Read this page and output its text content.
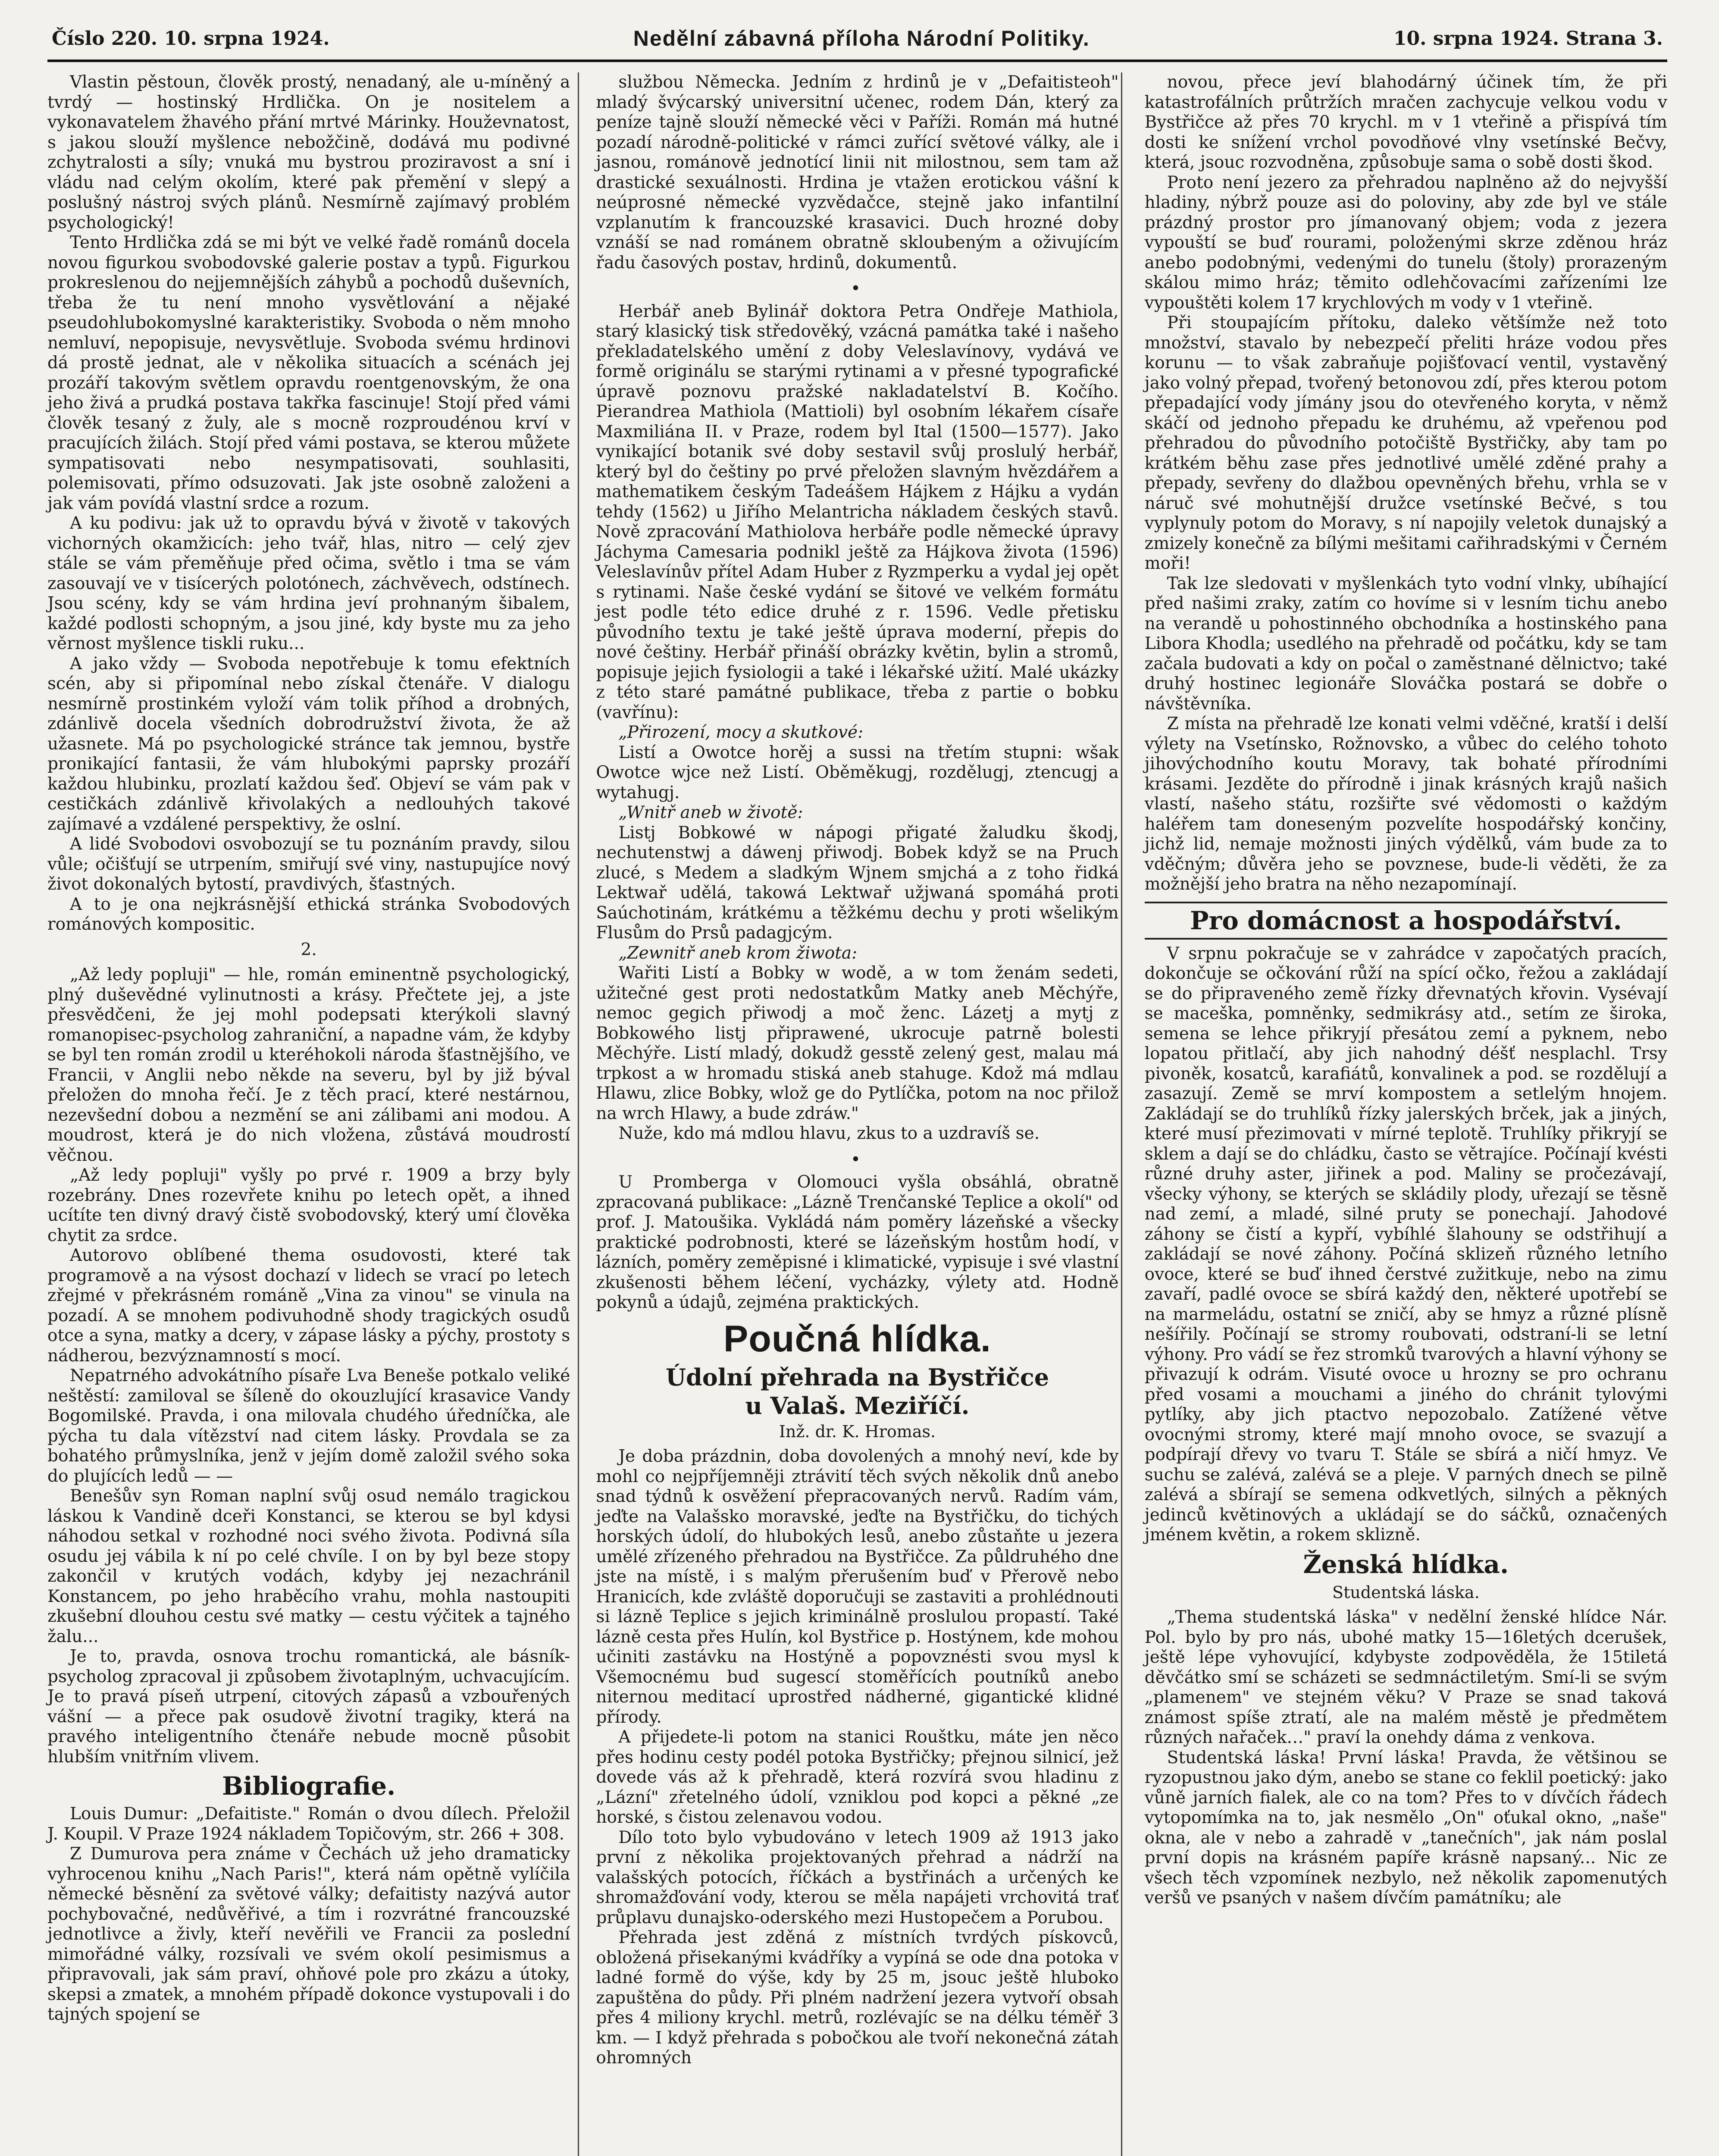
Číslo 220. 10. srpna 1924.	Nedělní zábavná příloha Národní Politiky.	10. srpna 1924. Strana 3.

Vlastin pěstoun, člověk prostý, nenadaný, ale u-míněný a tvrdý — hostinský Hrdlička. On je nositelem a vykonavatelem žhavého přání mrtvé Márinky. Houževnatost, s jakou slouží myšlence nebožčině, dodává mu podivné zchytralosti a síly; vnuká mu bystrou proziravost a sní i vládu nad celým okolím, které pak přemění v slepý a poslušný nástroj svých plánů. Nesmírně zajímavý problém psychologický!

Tento Hrdlička zdá se mi být ve velké řadě románů docela novou figurkou svobodovské galerie postav a typů. Figurkou prokreslenou do nejjemnějších záhybů a pochodů duševních, třeba že tu není mnoho vysvětlování a nějaké pseudohlubokomyslné karakteristiky. Svoboda o něm mnoho nemluví, nepopisuje, nevysvětluje. Svoboda svému hrdinovi dá prostě jednat, ale v několika situacích a scénách jej prozáří takovým světlem opravdu roentgenovským, že ona jeho živá a prudká postava takřka fascinuje! Stojí před vámi člověk tesaný z žuly, ale s mocně rozproudénou krví v pracujících žilách. Stojí před vámi postava, se kterou můžete sympatisovati nebo nesympatisovati, souhlasiti, polemisovati, přímo odsuzovati. Jak jste osobně založeni a jak vám povídá vlastní srdce a rozum.

A ku podivu: jak už to opravdu bývá v životě v takových vichorných okamžicích: jeho tvář, hlas, nitro — celý zjev stále se vám přeměňuje před očima, světlo i tma se vám zasouvají ve v tisícerých polotónech, záchvěvech, odstínech. Jsou scény, kdy se vám hrdina jeví prohnaným šibalem, každé podlosti schopným, a jsou jiné, kdy byste mu za jeho věrnost myšlence tiskli ruku...

A jako vždy — Svoboda nepotřebuje k tomu efektních scén, aby si připomínal nebo získal čtenáře. V dialogu nesmírně prostinkém vyloží vám tolik příhod a drobných, zdánlivě docela všedních dobrodružství života, že až užasnete. Má po psychologické stránce tak jemnou, bystře pronikající fantasii, že vám hlubokými paprsky prozáří každou hlubinku, prozlatí každou šeď. Objeví se vám pak v cestičkách zdánlivě křivolakých a nedlouhých takové zajímavé a vzdálené perspektivy, že oslní.

A lidé Svobodovi osvobozují se tu poznáním pravdy, silou vůle; očišťují se utrpením, smiřují své viny, nastupujíce nový život dokonalých bytostí, pravdivých, šťastných.

A to je ona nejkrásnější ethická stránka Svobodových románových kompositic.

2.

„Až ledy popluji" — hle, román eminentně psychologický, plný duševědné vylinutnosti a krásy. Přečtete jej, a jste přesvědčeni, že jej mohl podepsati kterýkoli slavný romanopisec-psycholog zahraniční, a napadne vám, že kdyby se byl ten román zrodil u kteréhokoli národa šťastnějšího, ve Francii, v Anglii nebo někde na severu, byl by již býval přeložen do mnoha řečí. Je z těch prací, které nestárnou, nezevšední dobou a nezmění se ani zálibami ani modou. A moudrost, která je do nich vložena, zůstává moudrostí věčnou.

„Až ledy popluji" vyšly po prvé r. 1909 a brzy byly rozebrány. Dnes rozevřete knihu po letech opět, a ihned ucítíte ten divný dravý čistě svobodovský, který umí člověka chytit za srdce.

Autorovo oblíbené thema osudovosti, které tak programově a na výsost dochazí v lidech se vrací po letech zřejmé v překrásném románě „Vina za vinou" se vinula na pozadí. A se mnohem podivuhodně shody tragických osudů otce a syna, matky a dcery, v zápase lásky a pýchy, prostoty s nádherou, bezvýznamností s mocí.

Nepatrného advokátního písaře Lva Beneše potkalo veliké neštěstí: zamiloval se šíleně do okouzlující krasavice Vandy Bogomilské. Pravda, i ona milovala chudého úředníčka, ale pýcha tu dala vítězství nad citem lásky. Provdala se za bohatého průmyslníka, jenž v jejím domě založil svého soka do plujících ledů — —

Benešův syn Roman naplní svůj osud nemálo tragickou láskou k Vandině dceři Konstanci, se kterou se byl kdysi náhodou setkal v rozhodné noci svého života. Podivná síla osudu jej vábila k ní po celé chvíle. I on by byl beze stopy zakončil v krutých vodách, kdyby jej nezachránil Konstancem, po jeho hraběcího vrahu, mohla nastoupiti zkušební dlouhou cestu své matky — cestu výčitek a tajného žalu...

Je to, pravda, osnova trochu romantická, ale básník-psycholog zpracoval ji způsobem životaplným, uchvacujícím. Je to pravá píseň utrpení, citových zápasů a vzbouřených vášní — a přece pak osudově životní tragiky, která na pravého inteligentního čtenáře nebude mocně působit hlubším vnitřním vlivem.

Bibliografie.

Louis Dumur: „Defaitiste." Román o dvou dílech. Přeložil J. Koupil. V Praze 1924 nákladem Topičovým, str. 266 + 308.

Z Dumurova pera známe v Čechách už jeho dramaticky vyhrocenou knihu „Nach Paris!", která nám opětně vylíčila německé běsnění za světové války; defaitisty nazývá autor pochybovačné, nedůvěřivé, a tím i rozvrátné francouzské jednotlivce a živly, kteří nevěřili ve Francii za poslední mimořádné války, rozsívali ve svém okolí pesimismus a připravovali, jak sám praví, ohňové pole pro zkázu a útoky, skepsi a zmatek, a mnohém případě dokonce vystupovali i do tajných spojení se

službou Německa. Jedním z hrdinů je v „Defaitisteoh" mladý švýcarský universitní učenec, rodem Dán, který za peníze tajně slouží německé věci v Paříži. Román má hutné pozadí národně-politické v rámci zuřící světové války, ale i jasnou, románově jednotící linii nit milostnou, sem tam až drastické sexuálnosti. Hrdina je vtažen erotickou vášní k neúprosné německé vyzvědačce, stejně jako infantilní vzplanutím k francouzské krasavici. Duch hrozné doby vznáší se nad románem obratně skloubeným a oživujícím řadu časových postav, hrdinů, dokumentů.

•

Herbář aneb Bylinář doktora Petra Ondřeje Mathiola, starý klasický tisk středověký, vzácná památka také i našeho překladatelského umění z doby Veleslavínovy, vydává ve formě originálu se starými rytinami a v přesné typografické úpravě poznovu pražské nakladatelství B. Kočího. Pierandrea Mathiola (Mattioli) byl osobním lékařem císaře Maxmiliána II. v Praze, rodem byl Ital (1500—1577). Jako vynikající botanik své doby sestavil svůj proslulý herbář, který byl do češtiny po prvé přeložen slavným hvězdářem a mathematikem českým Tadeášem Hájkem z Hájku a vydán tehdy (1562) u Jiřího Melantricha nákladem českých stavů. Nově zpracování Mathiolova herbáře podle německé úpravy Jáchyma Camesaria podnikl ještě za Hájkova života (1596) Veleslavínův přítel Adam Huber z Ryzmperku a vydal jej opět s rytinami. Naše české vydání se šitové ve velkém formátu jest podle této edice druhé z r. 1596. Vedle přetisku původního textu je také ještě úprava moderní, přepis do nové češtiny. Herbář přináší obrázky květin, bylin a stromů, popisuje jejich fysiologii a také i lékařské užití. Malé ukázky z této staré památné publikace, třeba z partie o bobku (vavřínu):

„Přirození, mocy a skutkové:

Listí a Owotce horěj a sussi na třetím stupni: wšak Owotce wjce než Listí. Oběměkugj, rozdělugj, ztencugj a wytahugj.

„Wnitř aneb w životě:

Listj Bobkowé w nápogi přigaté žaludku škodj, nechutenstwj a dáwenj přiwodj. Bobek když se na Pruch zlucé, s Medem a sladkým Wjnem smjchá a z toho řidká Lektwař udělá, takowá Lektwař užjwaná spomáhá proti Saúchotinám, krátkému a těžkému dechu y proti wšelikým Flusům do Prsů padagjcým.

„Zewnitř aneb krom žiwota:

Wařiti Listí a Bobky w wodě, a w tom ženám sedeti, užitečné gest proti nedostatkům Matky aneb Měchýře, nemoc gegich přiwodj a moč ženc. Lázetj a mytj z Bobkowého listj připrawené, ukrocuje patrně bolesti Měchýře. Listí mladý, dokudž gesstě zelený gest, malau má trpkost a w hromadu stiská aneb stahuge. Kdož má mdlau Hlawu, zlice Bobky, wlož ge do Pytlíčka, potom na noc přilož na wrch Hlawy, a bude zdráw."

Nuže, kdo má mdlou hlavu, zkus to a uzdravíš se.

•

U Promberga v Olomouci vyšla obsáhlá, obratně zpracovaná publikace: „Lázně Trenčanské Teplice a okolí" od prof. J. Matoušika. Vykládá nám poměry lázeňské a všecky praktické podrobnosti, které se lázeňským hostům hodí, v lázních, poměry zeměpisné i klimatické, vypisuje i své vlastní zkušenosti během léčení, vycházky, výlety atd. Hodně pokynů a údajů, zejména praktických.

Poučná hlídka.
Údolní přehrada na Bystřičce
u Valaš. Meziříčí.
Inž. dr. K. Hromas.

Je doba prázdnin, doba dovolených a mnohý neví, kde by mohl co nejpříjemněji ztrávití těch svých několik dnů anebo snad týdnů k osvěžení přepracovaných nervů. Radím vám, jeďte na Valašsko moravské, jeďte na Bystřičku, do tichých horských údolí, do hlubokých lesů, anebo zůstaňte u jezera umělé zřízeného přehradou na Bystřičce. Za půldruhého dne jste na místě, i s malým přerušením buď v Přerově nebo Hranicích, kde zvláště doporučuji se zastaviti a prohlédnouti si lázně Teplice s jejich kriminálně proslulou propastí. Také lázně cesta přes Hulín, kol Bystřice p. Hostýnem, kde mohou učiniti zastávku na Hostýně a popovznésti svou mysl k Všemocnému bud sugescí stoměřících poutníků anebo niternou meditací uprostřed nádherné, gigantické klidné přírody.

A přijedete-li potom na stanici Rouštku, máte jen něco přes hodinu cesty podél potoka Bystřičky; přejnou silnicí, jež dovede vás až k přehradě, která rozvírá svou hladinu z „Lázní" zřetelného údolí, vzniklou pod kopci a pěkné „ze horské, s čistou zelenavou vodou.

Dílo toto bylo vybudováno v letech 1909 až 1913 jako první z několika projektovaných přehrad a nádrží na valašských potocích, říčkách a bystřinách a určených ke shromažďování vody, kterou se měla napájeti vrchovitá trať průplavu dunajsko-oderského mezi Hustopečem a Porubou.

Přehrada jest zděná z místních tvrdých pískovců, obložená přisekanými kvádříky a vypíná se ode dna potoka v ladné formě do výše, kdy by 25 m, jsouc ještě hluboko zapuštěna do půdy. Při plném nadržení jezera vytvoří obsah přes 4 miliony krychl. metrů, rozlévajíc se na délku téměř 3 km. — I když přehrada s pobočkou ale tvoří nekonečná zátah ohromných

novou, přece jeví blahodárný účinek tím, že při katastrofálních průtržích mračen zachycuje velkou vodu v Bystřičce až přes 70 krychl. m v 1 vteřině a přispívá tím dosti ke snížení vrchol povodňové vlny vsetínské Bečvy, která, jsouc rozvodněna, způsobuje sama o sobě dosti škod.

Proto není jezero za přehradou naplněno až do nejvyšší hladiny, nýbrž pouze asi do poloviny, aby zde byl ve stále prázdný prostor pro jímanovaný objem; voda z jezera vypouští se buď rourami, položenými skrze zděnou hráz anebo podobnými, vedenými do tunelu (štoly) prorazeným skálou mimo hráz; těmito odlehčovacími zařízeními lze vypouštěti kolem 17 krychlových m vody v 1 vteřině.

Při stoupajícím přítoku, daleko většímže než toto množství, stavalo by nebezpečí přeliti hráze vodou přes korunu — to však zabraňuje pojišťovací ventil, vystavěný jako volný přepad, tvořený betonovou zdí, přes kterou potom přepadající vody jímány jsou do otevřeného koryta, v němž skáčí od jednoho přepadu ke druhému, až vpeřenou pod přehradou do původního potočiště Bystřičky, aby tam po krátkém běhu zase přes jednotlivé umělé zděné prahy a přepady, sevřeny do dlažbou opevněných břehu, vrhla se v náruč své mohutnější družce vsetínské Bečvé, s tou vyplynuly potom do Moravy, s ní napojily veletok dunajský a zmizely konečně za bílými mešitami cařihradskými v Černém moři!

Tak lze sledovati v myšlenkách tyto vodní vlnky, ubíhající před našimi zraky, zatím co hovíme si v lesním tichu anebo na verandě u pohostinného obchodníka a hostinského pana Libora Khodla; usedlého na přehradě od počátku, kdy se tam začala budovati a kdy on počal o zaměstnané dělnictvo; také druhý hostinec legionáře Slováčka postará se dobře o návštěvníka.

Z místa na přehradě lze konati velmi vděčné, kratší i delší výlety na Vsetínsko, Rožnovsko, a vůbec do celého tohoto jihovýchodního koutu Moravy, tak bohaté přírodními krásami. Jezděte do přírodně i jinak krásných krajů našich vlastí, našeho státu, rozšiřte své vědomosti o každým haléřem tam doneseným pozvelíte hospodářský končiny, jichž lid, nemaje možnosti jiných výdělků, vám bude za to vděčným; důvěra jeho se povznese, bude-li věděti, že za možnější jeho bratra na něho nezapomínají.

Pro domácnost a hospodářství.

V srpnu pokračuje se v zahrádce v započatých pracích, dokončuje se očkování růží na spící očko, řežou a zakládají se do připraveného země řízky dřevnatých křovin. Vysévají se maceška, pomněnky, sedmikrásy atd., setím ze široka, semena se lehce přikryjí přesátou zemí a pyknem, nebo lopatou přitlačí, aby jich nahodný déšť nesplachl. Trsy pivoněk, kosatců, karafiátů, konvalinek a pod. se rozdělují a zasazují. Země se mrví kompostem a setlelým hnojem. Zakládají se do truhlíků řízky jalerských brček, jak a jiných, které musí přezimovati v mírné teplotě. Truhlíky přikryjí se sklem a dají se do chládku, často se větrajíce. Počínají kvésti různé druhy aster, jiřinek a pod. Maliny se pročezávají, všecky výhony, se kterých se skládily plody, uřezají se těsně nad zemí, a mladé, silné pruty se ponechají. Jahodové záhony se čistí a kypří, vybíhlé šlahouny se odstřihují a zakládají se nové záhony. Počíná sklizeň různého letního ovoce, které se buď ihned čerstvé zužitkuje, nebo na zimu zavaří, padlé ovoce se sbírá každý den, některé upotřebí se na marmeládu, ostatní se zničí, aby se hmyz a různé plísně nešířily. Počínají se stromy roubovati, odstraní-li se letní výhony. Pro vádí se řez stromků tvarových a hlavní výhony se přivazují k odrám. Visuté ovoce u hrozny se pro ochranu před vosami a mouchami a jiného do chránit tylovými pytlíky, aby jich ptactvo nepozobalo. Zatížené větve ovocnými stromy, které mají mnoho ovoce, se svazují a podpírají dřevy vo tvaru T. Stále se sbírá a ničí hmyz. Ve suchu se zalévá, zalévá se a pleje. V parných dnech se pilně zalévá a sbírají se semena odkvetlých, silných a pěkných jedinců květinových a ukládají se do sáčků, označených jménem květin, a rokem sklizně.

Ženská hlídka.
Studentská láska.

„Thema studentská láska" v nedělní ženské hlídce Nár. Pol. bylo by pro nás, ubohé matky 15—16letých dcerušek, ještě lépe vyhovující, kdybyste zodpověděla, že 15tiletá děvčátko smí se scházeti se sedmnáctiletým. Smí-li se svým „plamenem" ve stejném věku? V Praze se snad taková známost spíše ztratí, ale na malém městě je předmětem různých nařaček…" praví la onehdy dáma z venkova.

Studentská láska! První láska! Pravda, že většinou se ryzopustnou jako dým, anebo se stane co feklil poetický: jako vůně jarních fialek, ale co na tom? Přes to v dívčích řádech vytopomímka na to, jak nesmělo „On" oťukal okno, „naše" okna, ale v nebo a zahradě v „tanečních", jak nám poslal první dopis na krásném papíře krásně napsaný... Nic ze všech těch vzpomínek nezbylo, než několik zapomenutých veršů ve psaných v našem dívčím památníku; ale
